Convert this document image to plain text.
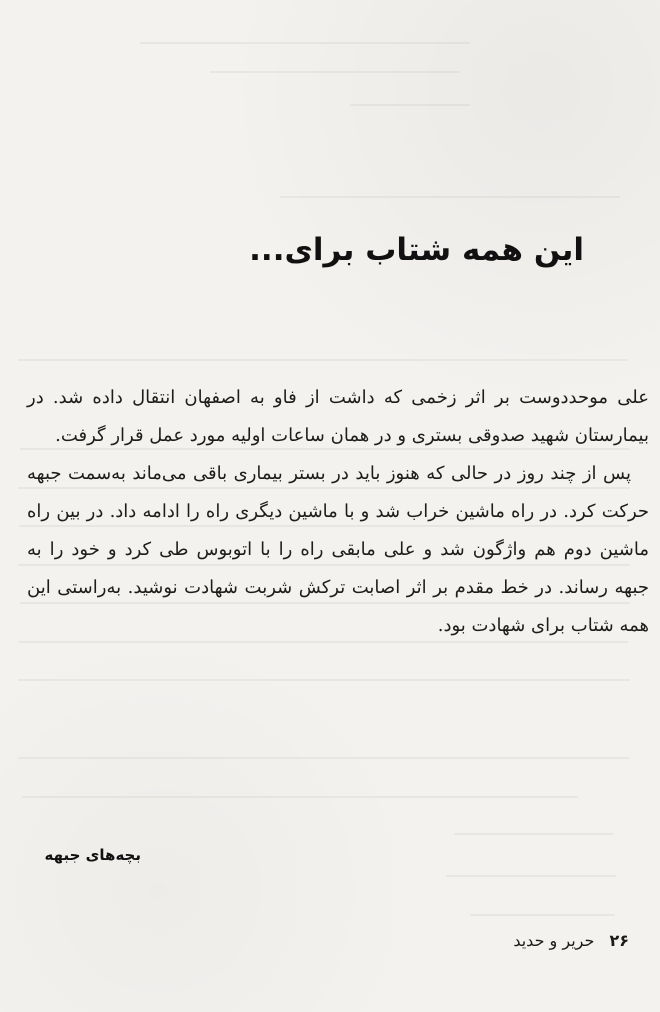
این همه شتاب برای...

علی موحددوست بر اثر زخمی که داشت از فاو به اصفهان انتقال داده شد. در بیمارستان شهید صدوقی بستری و در همان ساعات اولیه مورد عمل قرار گرفت.

پس از چند روز در حالی که هنوز باید در بستر بیماری باقی می‌ماند به‌سمت جبهه حرکت کرد. در راه ماشین خراب شد و با ماشین دیگری راه را ادامه داد. در بین راه ماشین دوم هم واژگون شد و علی مابقی راه را با اتوبوس طی کرد و خود را به جبهه رساند. در خط مقدم بر اثر اصابت ترکش شربت شهادت نوشید. به‌راستی این همه شتاب برای شهادت بود.

بچه‌های جبهه
۲۶ حریر و حدید
